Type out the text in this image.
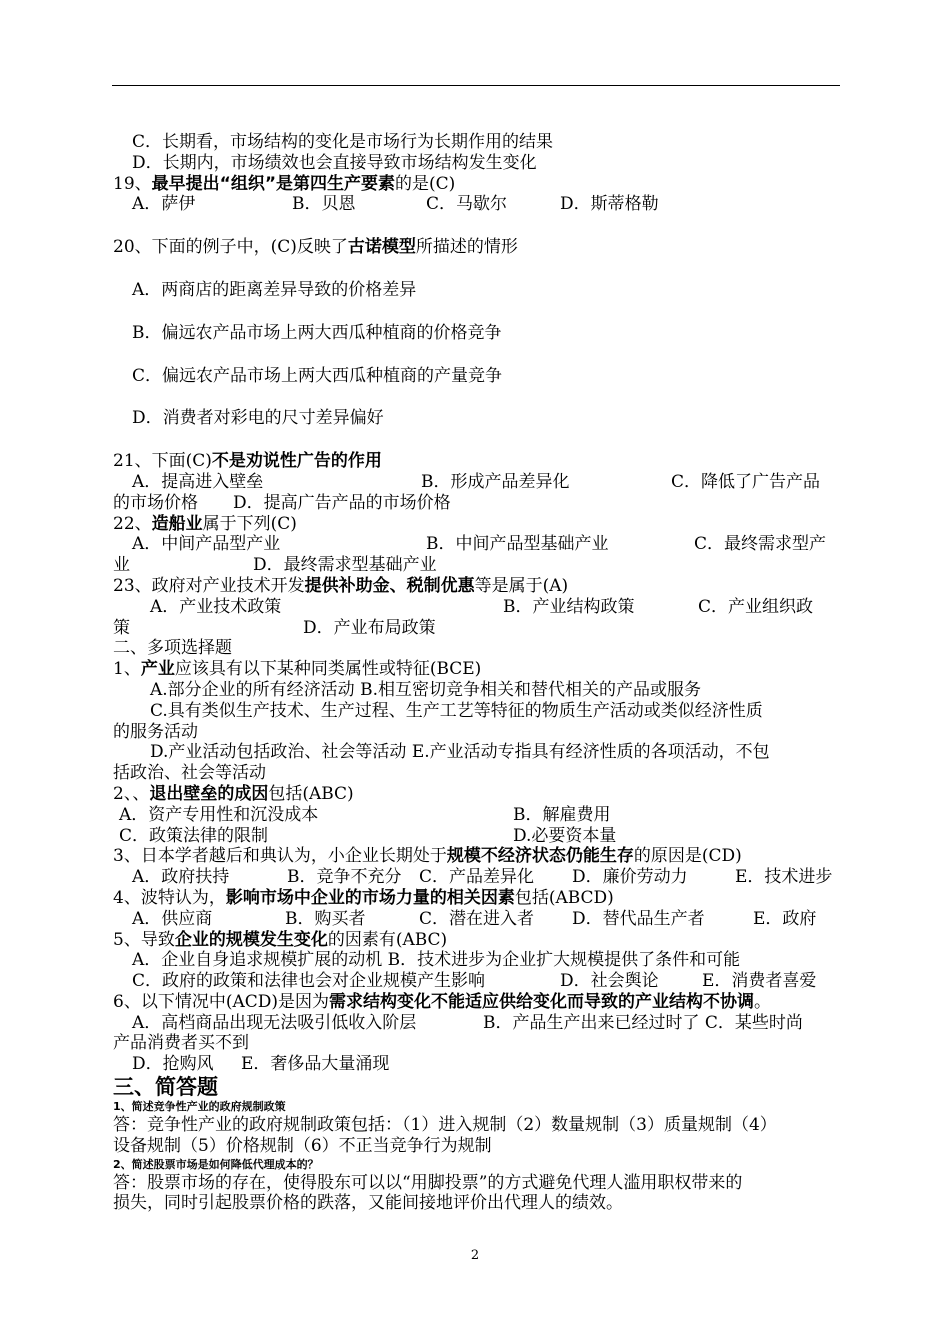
C．长期看，市场结构的变化是市场行为长期作用的结果
D．长期内，市场绩效也会直接导致市场结构发生变化
19、最早提出“组织”是第四生产要素的是(C)
A．萨伊	B．贝恩	C．马歇尔	D．斯蒂格勒
20、下面的例子中，(C)反映了古诺模型所描述的情形
A．两商店的距离差异导致的价格差异
B．偏远农产品市场上两大西瓜种植商的价格竞争
C．偏远农产品市场上两大西瓜种植商的产量竞争
D．消费者对彩电的尺寸差异偏好
21、下面(C)不是劝说性广告的作用
A．提高进入壁垒	B．形成产品差异化	C．降低了广告产品
的市场价格 D．提高广告产品的市场价格
22、造船业属于下列(C)
A．中间产品型产业	B．中间产品型基础产业	C．最终需求型产
业	D．最终需求型基础产业
23、政府对产业技术开发提供补助金、税制优惠等是属于(A)
A．产业技术政策	B．产业结构政策	C．产业组织政
策	D．产业布局政策
二、多项选择题
1、产业应该具有以下某种同类属性或特征(BCE)
A.部分企业的所有经济活动 B.相互密切竞争相关和替代相关的产品或服务
C.具有类似生产技术、生产过程、生产工艺等特征的物质生产活动或类似经济性质
的服务活动
D.产业活动包括政治、社会等活动 E.产业活动专指具有经济性质的各项活动，不包
括政治、社会等活动
2、、退出壁垒的成因包括(ABC)
A．资产专用性和沉没成本	B．解雇费用
C．政策法律的限制	D.必要资本量
3、日本学者越后和典认为，小企业长期处于规模不经济状态仍能生存的原因是(CD)
A．政府扶持	B．竞争不充分 C．产品差异化 D．廉价劳动力	E．技术进步
4、波特认为，影响市场中企业的市场力量的相关因素包括(ABCD)
A．供应商	B．购买者	C．潜在进入者 D．替代品生产者	E．政府
5、导致企业的规模发生变化的因素有(ABC)
A．企业自身追求规模扩展的动机 B．技术进步为企业扩大规模提供了条件和可能
C．政府的政策和法律也会对企业规模产生影响	D．社会舆论	E．消费者喜爱
6、以下情况中(ACD)是因为需求结构变化不能适应供给变化而导致的产业结构不协调。
A．高档商品出现无法吸引低收入阶层	B．产品生产出来已经过时了 C．某些时尚
产品消费者买不到
D．抢购风 E．奢侈品大量涌现
三、简答题
1、简述竞争性产业的政府规制政策
答：竞争性产业的政府规制政策包括：（1）进入规制（2）数量规制（3）质量规制（4）
设备规制（5）价格规制（6）不正当竞争行为规制
2、简述股票市场是如何降低代理成本的？
答：股票市场的存在，使得股东可以以“用脚投票”的方式避免代理人滥用职权带来的
损失，同时引起股票价格的跌落，又能间接地评价出代理人的绩效。
2
